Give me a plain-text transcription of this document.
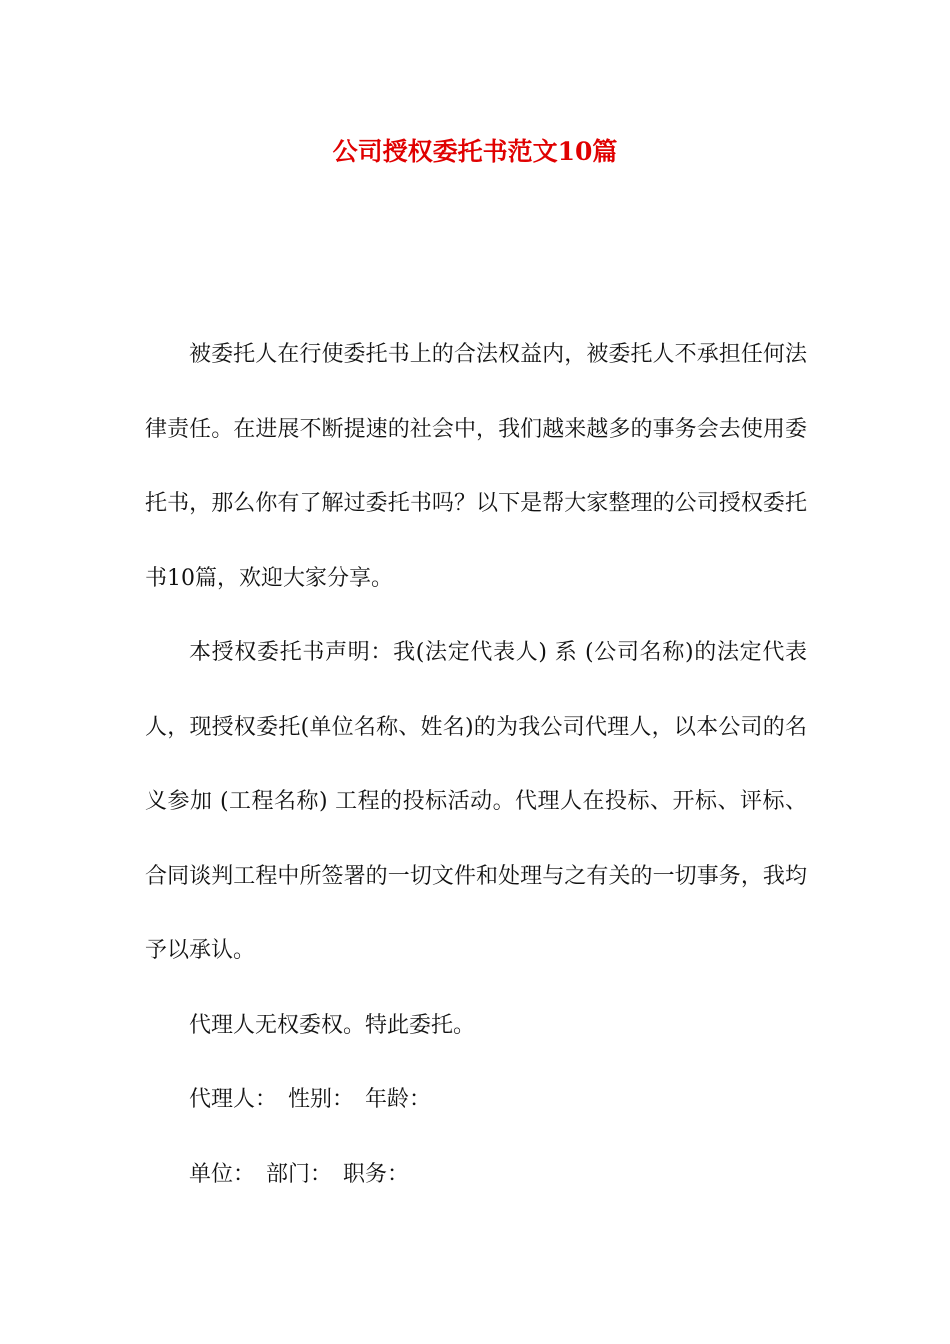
公司授权委托书范文10篇

被委托人在行使委托书上的合法权益内，被委托人不承担任何法律责任。在进展不断提速的社会中，我们越来越多的事务会去使用委托书，那么你有了解过委托书吗？以下是帮大家整理的公司授权委托书10篇，欢迎大家分享。

本授权委托书声明：我(法定代表人) 系 (公司名称)的法定代表人，现授权委托(单位名称、姓名)的为我公司代理人，以本公司的名义参加 (工程名称) 工程的投标活动。代理人在投标、开标、评标、合同谈判工程中所签署的一切文件和处理与之有关的一切事务，我均予以承认。

代理人无权委权。特此委托。

代理人：　性别：　年龄：

单位：　部门：　职务：
